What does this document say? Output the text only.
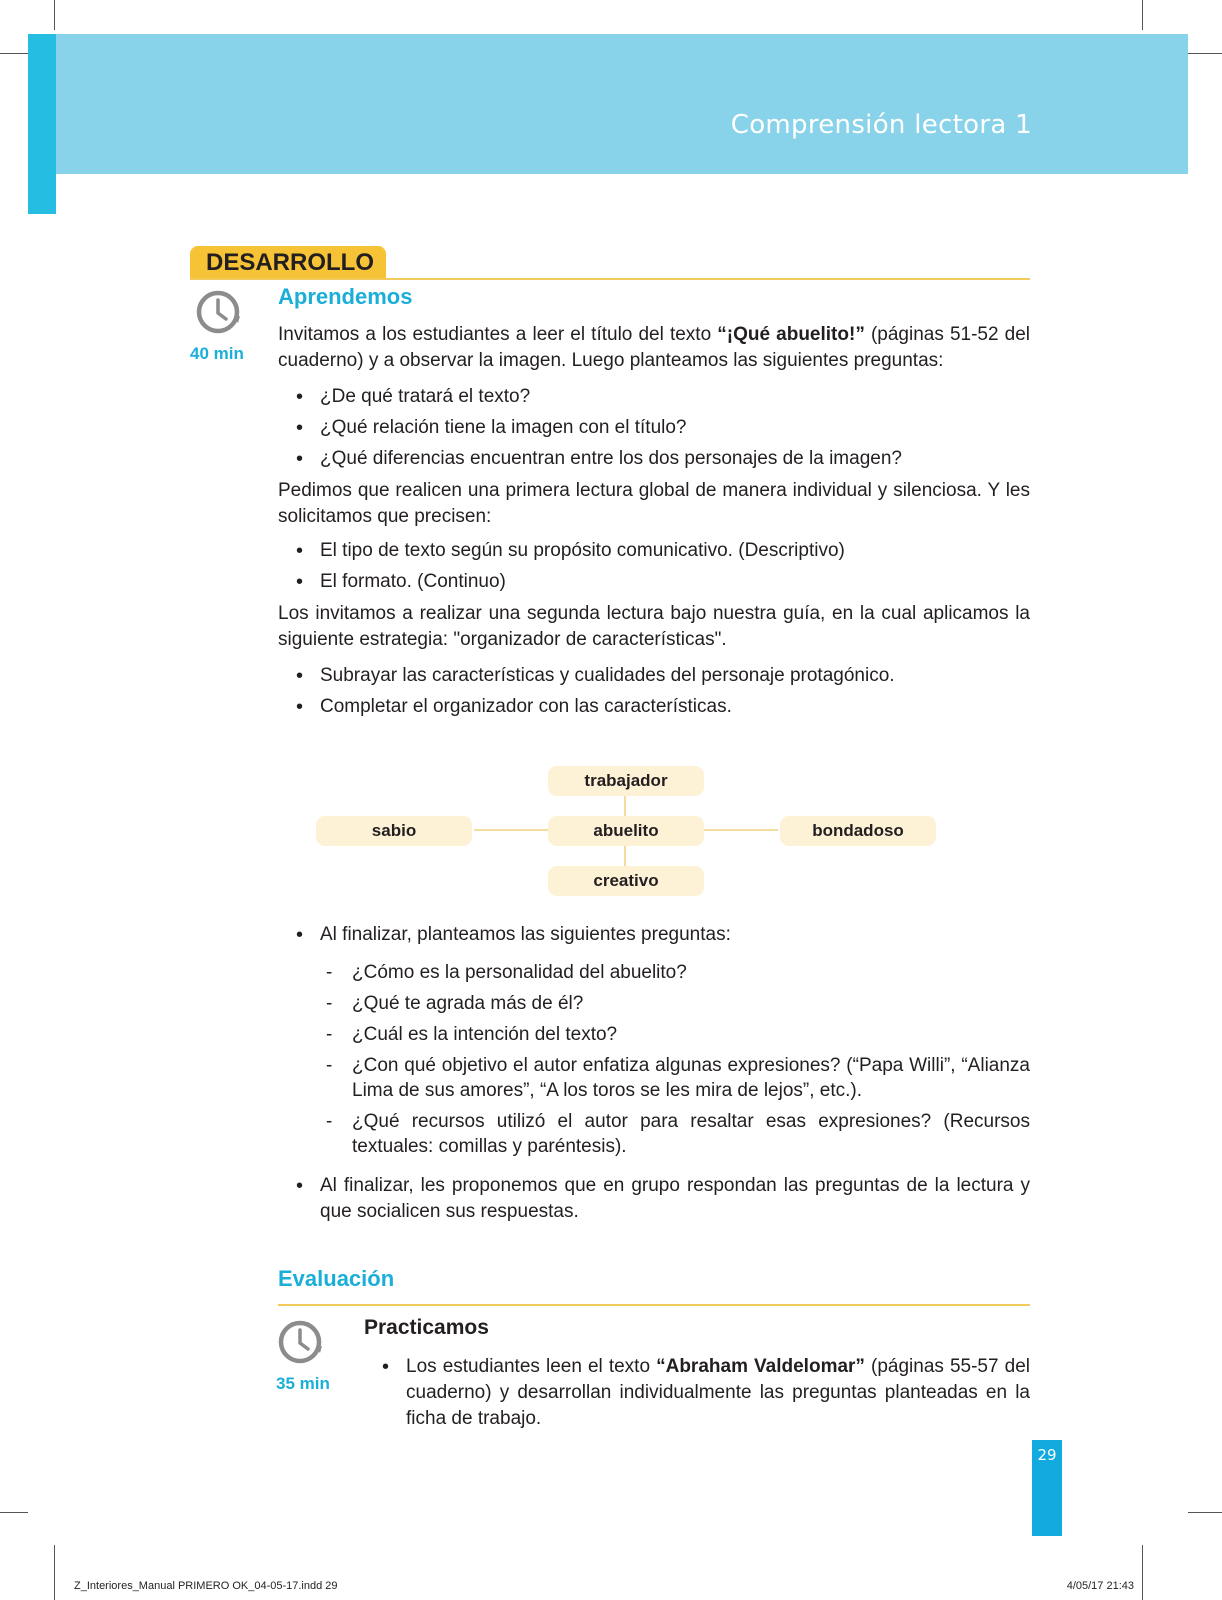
Comprensión lectora 1
DESARROLLO
40 min
Aprendemos

Invitamos a los estudiantes a leer el título del texto “¡Qué abuelito!” (páginas 51-52 del cuaderno) y a observar la imagen. Luego planteamos las siguientes preguntas:

• ¿De qué tratará el texto?
• ¿Qué relación tiene la imagen con el título?
• ¿Qué diferencias encuentran entre los dos personajes de la imagen?

Pedimos que realicen una primera lectura global de manera individual y silenciosa. Y les solicitamos que precisen:

• El tipo de texto según su propósito comunicativo. (Descriptivo)
• El formato. (Continuo)

Los invitamos a realizar una segunda lectura bajo nuestra guía, en la cual aplicamos la siguiente estrategia: "organizador de características".

• Subrayar las características y cualidades del personaje protagónico.
• Completar el organizador con las características.
trabajador
sabio	abuelito	bondadoso
creativo
• Al finalizar, planteamos las siguientes preguntas:
- ¿Cómo es la personalidad del abuelito?
- ¿Qué te agrada más de él?
- ¿Cuál es la intención del texto?
- ¿Con qué objetivo el autor enfatiza algunas expresiones? (“Papa Willi”, “Alianza Lima de sus amores”, “A los toros se les mira de lejos”, etc.).
- ¿Qué recursos utilizó el autor para resaltar esas expresiones? (Recursos textuales: comillas y paréntesis).
• Al finalizar, les proponemos que en grupo respondan las preguntas de la lectura y que socialicen sus respuestas.
Evaluación
35 min
Practicamos
• Los estudiantes leen el texto “Abraham Valdelomar” (páginas 55-57 del cuaderno) y desarrollan individualmente las preguntas planteadas en la ficha de trabajo.
29
Z_Interiores_Manual PRIMERO OK_04-05-17.indd 29	4/05/17 21:43
